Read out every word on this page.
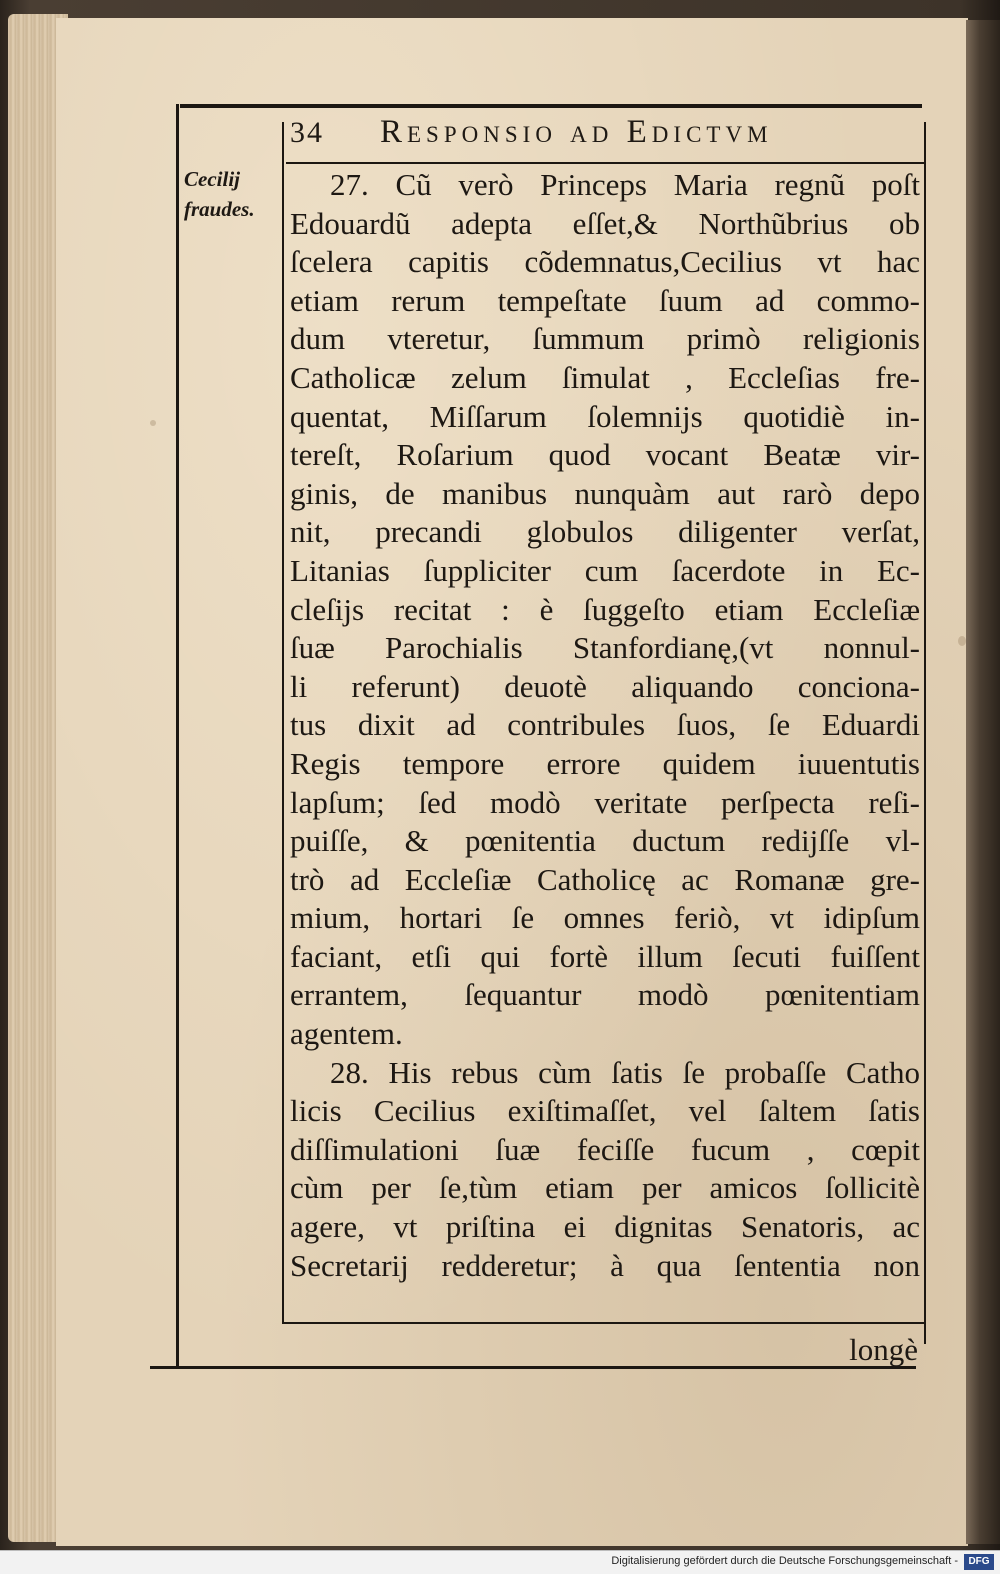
34 Responsio ad Edictvm
Cecilij
fraudes.
27. Cũ verò Princeps Maria regnũ poſt
Edouardũ adepta eſſet,& Northũbrius ob
ſcelera capitis cõdemnatus,Cecilius vt hac
etiam rerum tempeſtate ſuum ad commo-
dum vteretur, ſummum primò religionis
Catholicæ zelum ſimulat , Eccleſias fre-
quentat, Miſſarum ſolemnijs quotidiè in-
tereſt, Roſarium quod vocant Beatæ vir-
ginis, de manibus nunquàm aut rarò depo
nit, precandi globulos diligenter verſat,
Litanias ſuppliciter cum ſacerdote in Ec-
cleſijs recitat : è ſuggeſto etiam Eccleſiæ
ſuæ Parochialis Stanfordianę,(vt nonnul-
li referunt) deuotè aliquando conciona-
tus dixit ad contribules ſuos, ſe Eduardi
Regis tempore errore quidem iuuentutis
lapſum; ſed modò veritate perſpecta reſi-
puiſſe, & pœnitentia ductum redijſſe vl-
trò ad Eccleſiæ Catholicę ac Romanæ gre-
mium, hortari ſe omnes feriò, vt idipſum
faciant, etſi qui fortè illum ſecuti fuiſſent
errantem, ſequantur modò pœnitentiam
agentem.
28. His rebus cùm ſatis ſe probaſſe Catho
licis Cecilius exiſtimaſſet, vel ſaltem ſatis
diſſimulationi ſuæ feciſſe fucum , cœpit
cùm per ſe,tùm etiam per amicos ſollicitè
agere, vt priſtina ei dignitas Senatoris, ac
Secretarij redderetur; à qua ſententia non
longè
Digitalisierung gefördert durch die Deutsche Forschungsgemeinschaft -	DFG
